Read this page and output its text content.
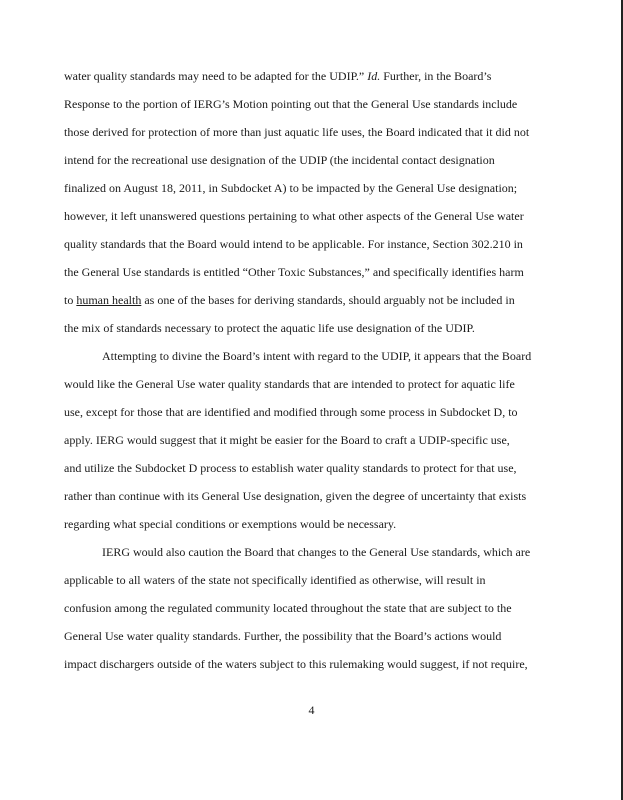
water quality standards may need to be adapted for the UDIP.” Id. Further, in the Board’s
Response to the portion of IERG’s Motion pointing out that the General Use standards include
those derived for protection of more than just aquatic life uses, the Board indicated that it did not
intend for the recreational use designation of the UDIP (the incidental contact designation
finalized on August 18, 2011, in Subdocket A) to be impacted by the General Use designation;
however, it left unanswered questions pertaining to what other aspects of the General Use water
quality standards that the Board would intend to be applicable. For instance, Section 302.210 in
the General Use standards is entitled “Other Toxic Substances,” and specifically identifies harm
to human health as one of the bases for deriving standards, should arguably not be included in
the mix of standards necessary to protect the aquatic life use designation of the UDIP.

Attempting to divine the Board’s intent with regard to the UDIP, it appears that the Board
would like the General Use water quality standards that are intended to protect for aquatic life
use, except for those that are identified and modified through some process in Subdocket D, to
apply. IERG would suggest that it might be easier for the Board to craft a UDIP-specific use,
and utilize the Subdocket D process to establish water quality standards to protect for that use,
rather than continue with its General Use designation, given the degree of uncertainty that exists
regarding what special conditions or exemptions would be necessary.

IERG would also caution the Board that changes to the General Use standards, which are
applicable to all waters of the state not specifically identified as otherwise, will result in
confusion among the regulated community located throughout the state that are subject to the
General Use water quality standards. Further, the possibility that the Board’s actions would
impact dischargers outside of the waters subject to this rulemaking would suggest, if not require,

4
